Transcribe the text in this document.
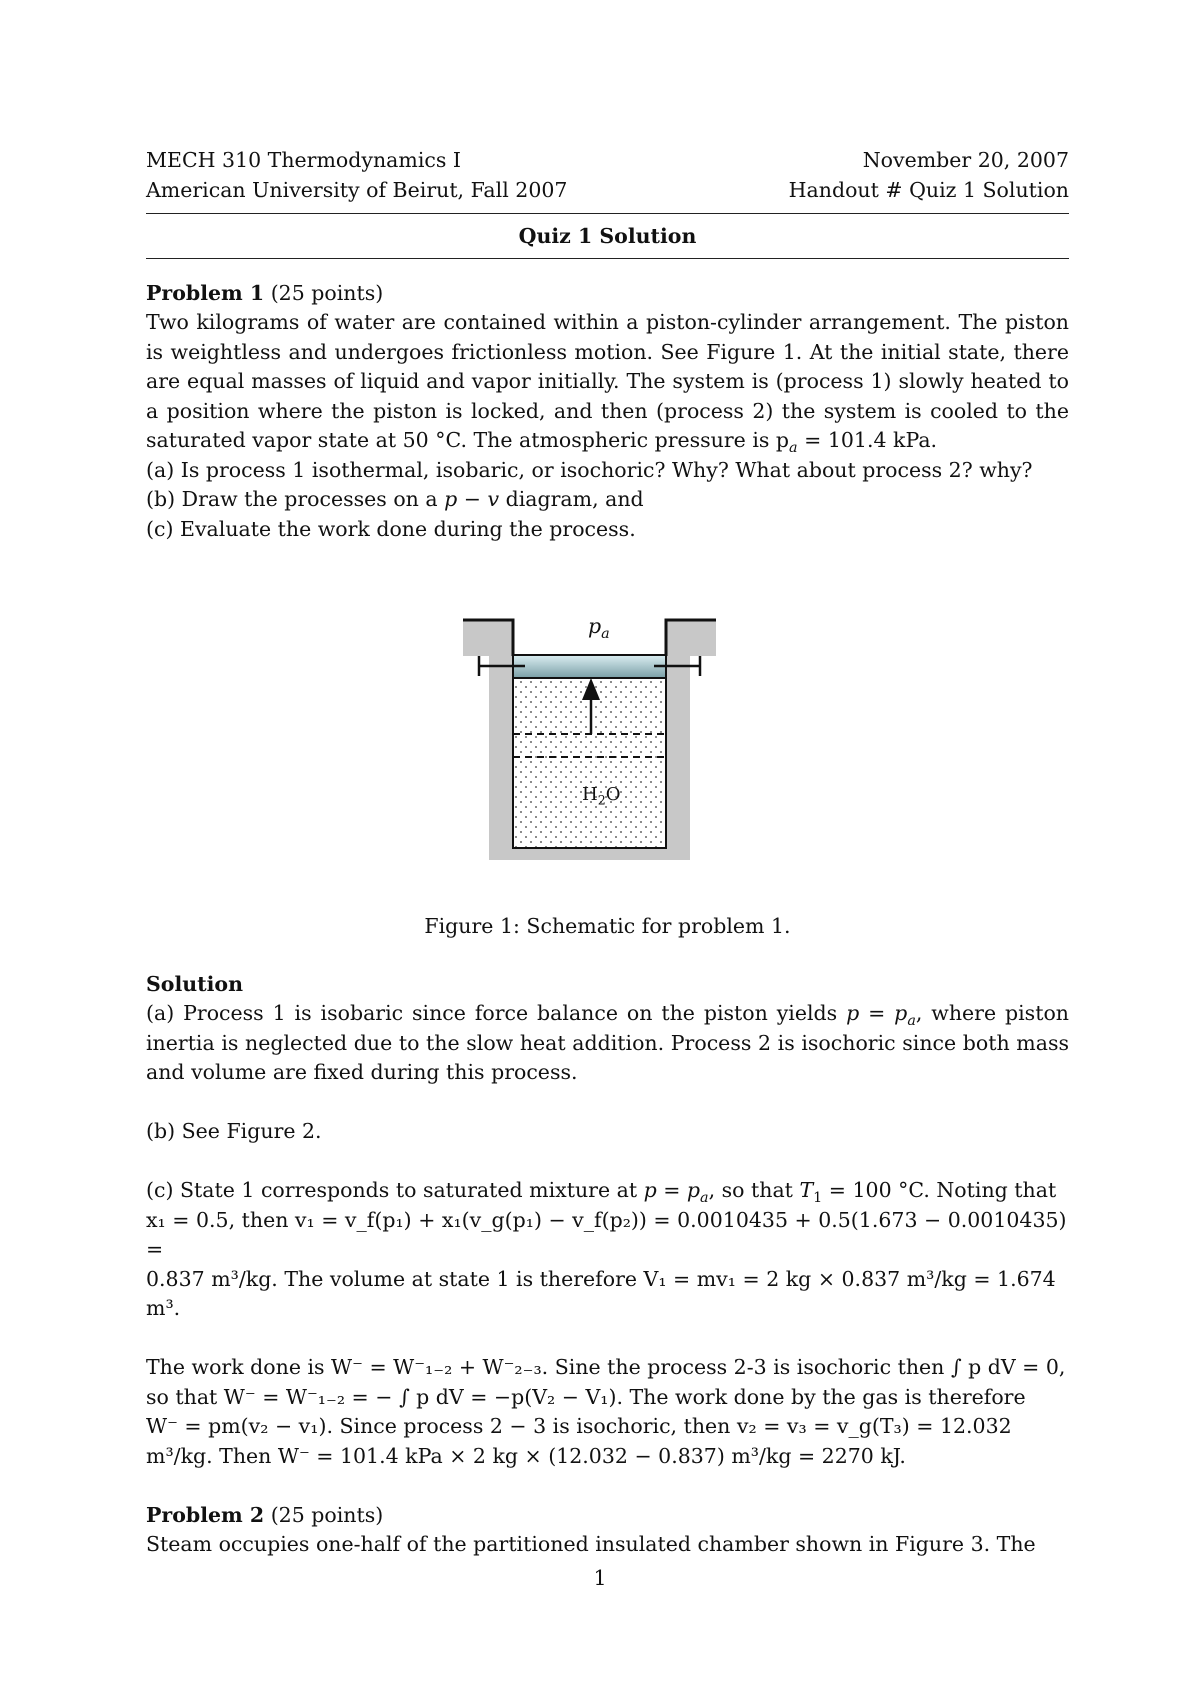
MECH 310 Thermodynamics I	November 20, 2007
American University of Beirut, Fall 2007	Handout # Quiz 1 Solution
Quiz 1 Solution
Problem 1 (25 points)
Two kilograms of water are contained within a piston-cylinder arrangement. The piston is weightless and undergoes frictionless motion. See Figure 1. At the initial state, there are equal masses of liquid and vapor initially. The system is (process 1) slowly heated to a position where the piston is locked, and then (process 2) the system is cooled to the saturated vapor state at 50 °C. The atmospheric pressure is $p_a = 101.4$ kPa.
(a) Is process 1 isothermal, isobaric, or isochoric? Why? What about process 2? why?
(b) Draw the processes on a p − v diagram, and
(c) Evaluate the work done during the process.
$p_a$
$H_2O$
Figure 1: Schematic for problem 1.
Solution
(a) Process 1 is isobaric since force balance on the piston yields $p = p_a$, where piston inertia is neglected due to the slow heat addition. Process 2 is isochoric since both mass and volume are fixed during this process.
(b) See Figure 2.
(c) State 1 corresponds to saturated mixture at $p = p_a$, so that $T_1 = 100$ °C. Noting that
x₁ = 0.5, then v₁ = v_f(p₁) + x₁(v_g(p₁) − v_f(p₂)) = 0.0010435 + 0.5(1.673 − 0.0010435) =
0.837 m³/kg. The volume at state 1 is therefore V₁ = mv₁ = 2 kg × 0.837 m³/kg = 1.674
m³.
The work done is W⁻ = W⁻₁₋₂ + W⁻₂₋₃. Sine the process 2-3 is isochoric then ∫ p dV = 0,
so that W⁻ = W⁻₁₋₂ = − ∫ p dV = −p(V₂ − V₁). The work done by the gas is therefore
W⁻ = pm(v₂ − v₁). Since process 2 − 3 is isochoric, then v₂ = v₃ = v_g(T₃) = 12.032
m³/kg. Then W⁻ = 101.4 kPa × 2 kg × (12.032 − 0.837) m³/kg = 2270 kJ.
Problem 2 (25 points)
Steam occupies one-half of the partitioned insulated chamber shown in Figure 3. The
1
